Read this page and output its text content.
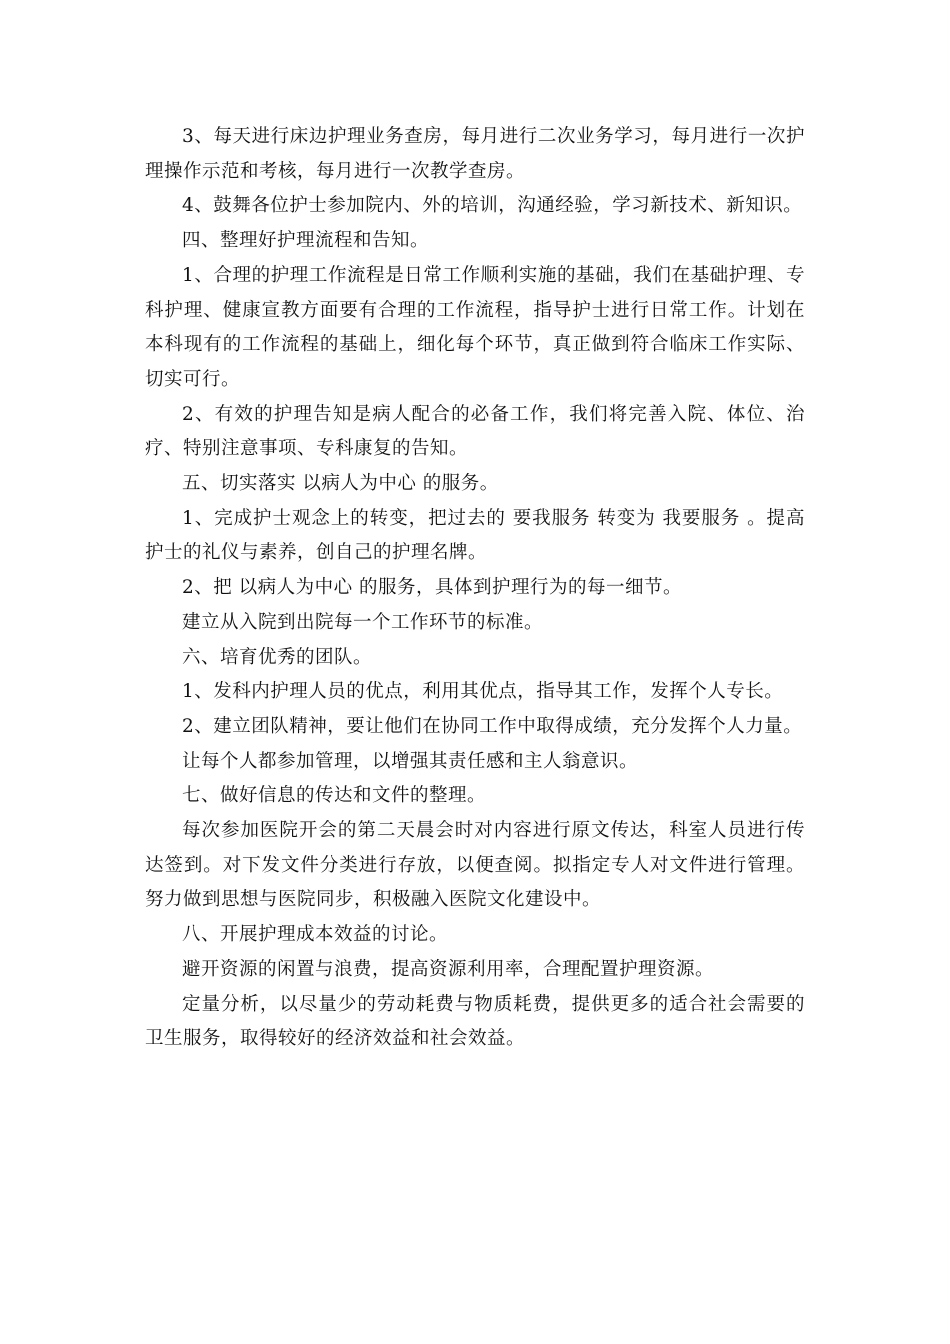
3、每天进行床边护理业务查房，每月进行二次业务学习，每月进行一次护理操作示范和考核，每月进行一次教学查房。

4、鼓舞各位护士参加院内、外的培训，沟通经验，学习新技术、新知识。

四、整理好护理流程和告知。

1、合理的护理工作流程是日常工作顺利实施的基础，我们在基础护理、专科护理、健康宣教方面要有合理的工作流程，指导护士进行日常工作。计划在本科现有的工作流程的基础上，细化每个环节，真正做到符合临床工作实际、切实可行。

2、有效的护理告知是病人配合的必备工作，我们将完善入院、体位、治疗、特别注意事项、专科康复的告知。

五、切实落实 以病人为中心 的服务。

1、完成护士观念上的转变，把过去的 要我服务 转变为 我要服务 。提高护士的礼仪与素养，创自己的护理名牌。

2、把 以病人为中心 的服务，具体到护理行为的每一细节。

建立从入院到出院每一个工作环节的标准。

六、培育优秀的团队。

1、发科内护理人员的优点，利用其优点，指导其工作，发挥个人专长。

2、建立团队精神，要让他们在协同工作中取得成绩，充分发挥个人力量。

让每个人都参加管理，以增强其责任感和主人翁意识。

七、做好信息的传达和文件的整理。

每次参加医院开会的第二天晨会时对内容进行原文传达，科室人员进行传达签到。对下发文件分类进行存放，以便查阅。拟指定专人对文件进行管理。努力做到思想与医院同步，积极融入医院文化建设中。

八、开展护理成本效益的讨论。

避开资源的闲置与浪费，提高资源利用率，合理配置护理资源。

定量分析，以尽量少的劳动耗费与物质耗费，提供更多的适合社会需要的卫生服务，取得较好的经济效益和社会效益。
